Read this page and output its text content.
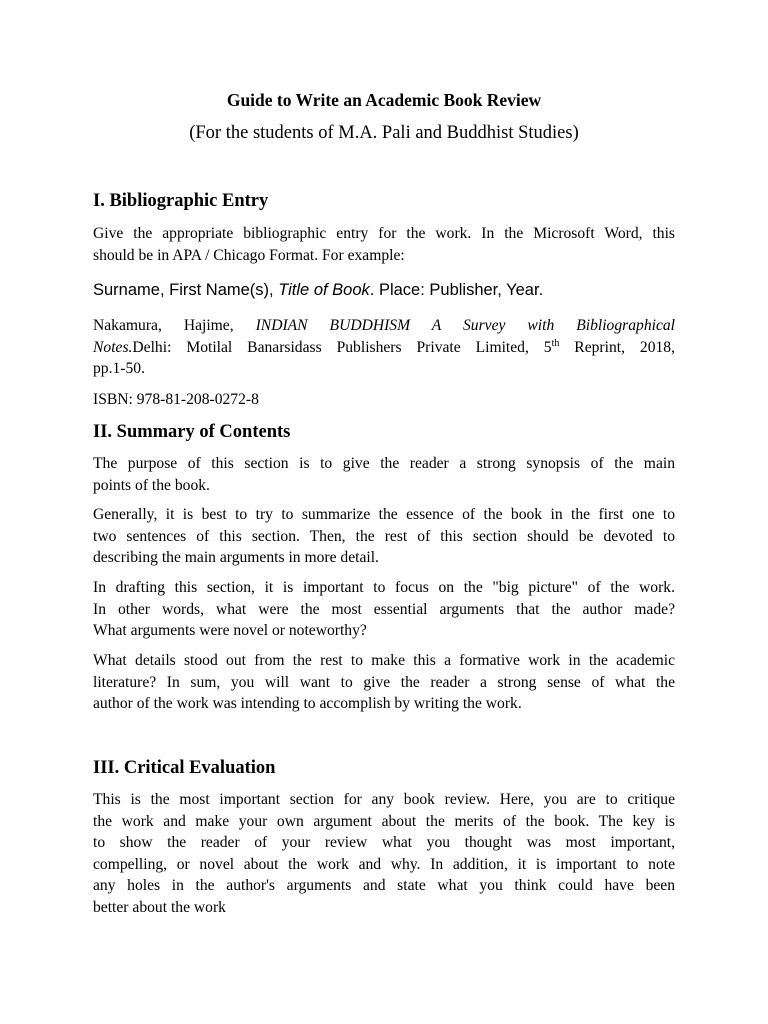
Guide to Write an Academic Book Review
(For the students of M.A. Pali and Buddhist Studies)
I. Bibliographic Entry
Give the appropriate bibliographic entry for the work. In the Microsoft Word, this
should be in APA / Chicago Format. For example:
Surname, First Name(s), Title of Book. Place: Publisher, Year.
Nakamura, Hajime, INDIAN BUDDHISM A Survey with Bibliographical
Notes.Delhi: Motilal Banarsidass Publishers Private Limited, 5th Reprint, 2018,
pp.1-50.
ISBN: 978-81-208-0272-8
II. Summary of Contents
The purpose of this section is to give the reader a strong synopsis of the main
points of the book.
Generally, it is best to try to summarize the essence of the book in the first one to
two sentences of this section. Then, the rest of this section should be devoted to
describing the main arguments in more detail.
In drafting this section, it is important to focus on the "big picture" of the work.
In other words, what were the most essential arguments that the author made?
What arguments were novel or noteworthy?
What details stood out from the rest to make this a formative work in the academic
literature? In sum, you will want to give the reader a strong sense of what the
author of the work was intending to accomplish by writing the work.
III. Critical Evaluation
This is the most important section for any book review. Here, you are to critique
the work and make your own argument about the merits of the book. The key is
to show the reader of your review what you thought was most important,
compelling, or novel about the work and why. In addition, it is important to note
any holes in the author's arguments and state what you think could have been
better about the work
